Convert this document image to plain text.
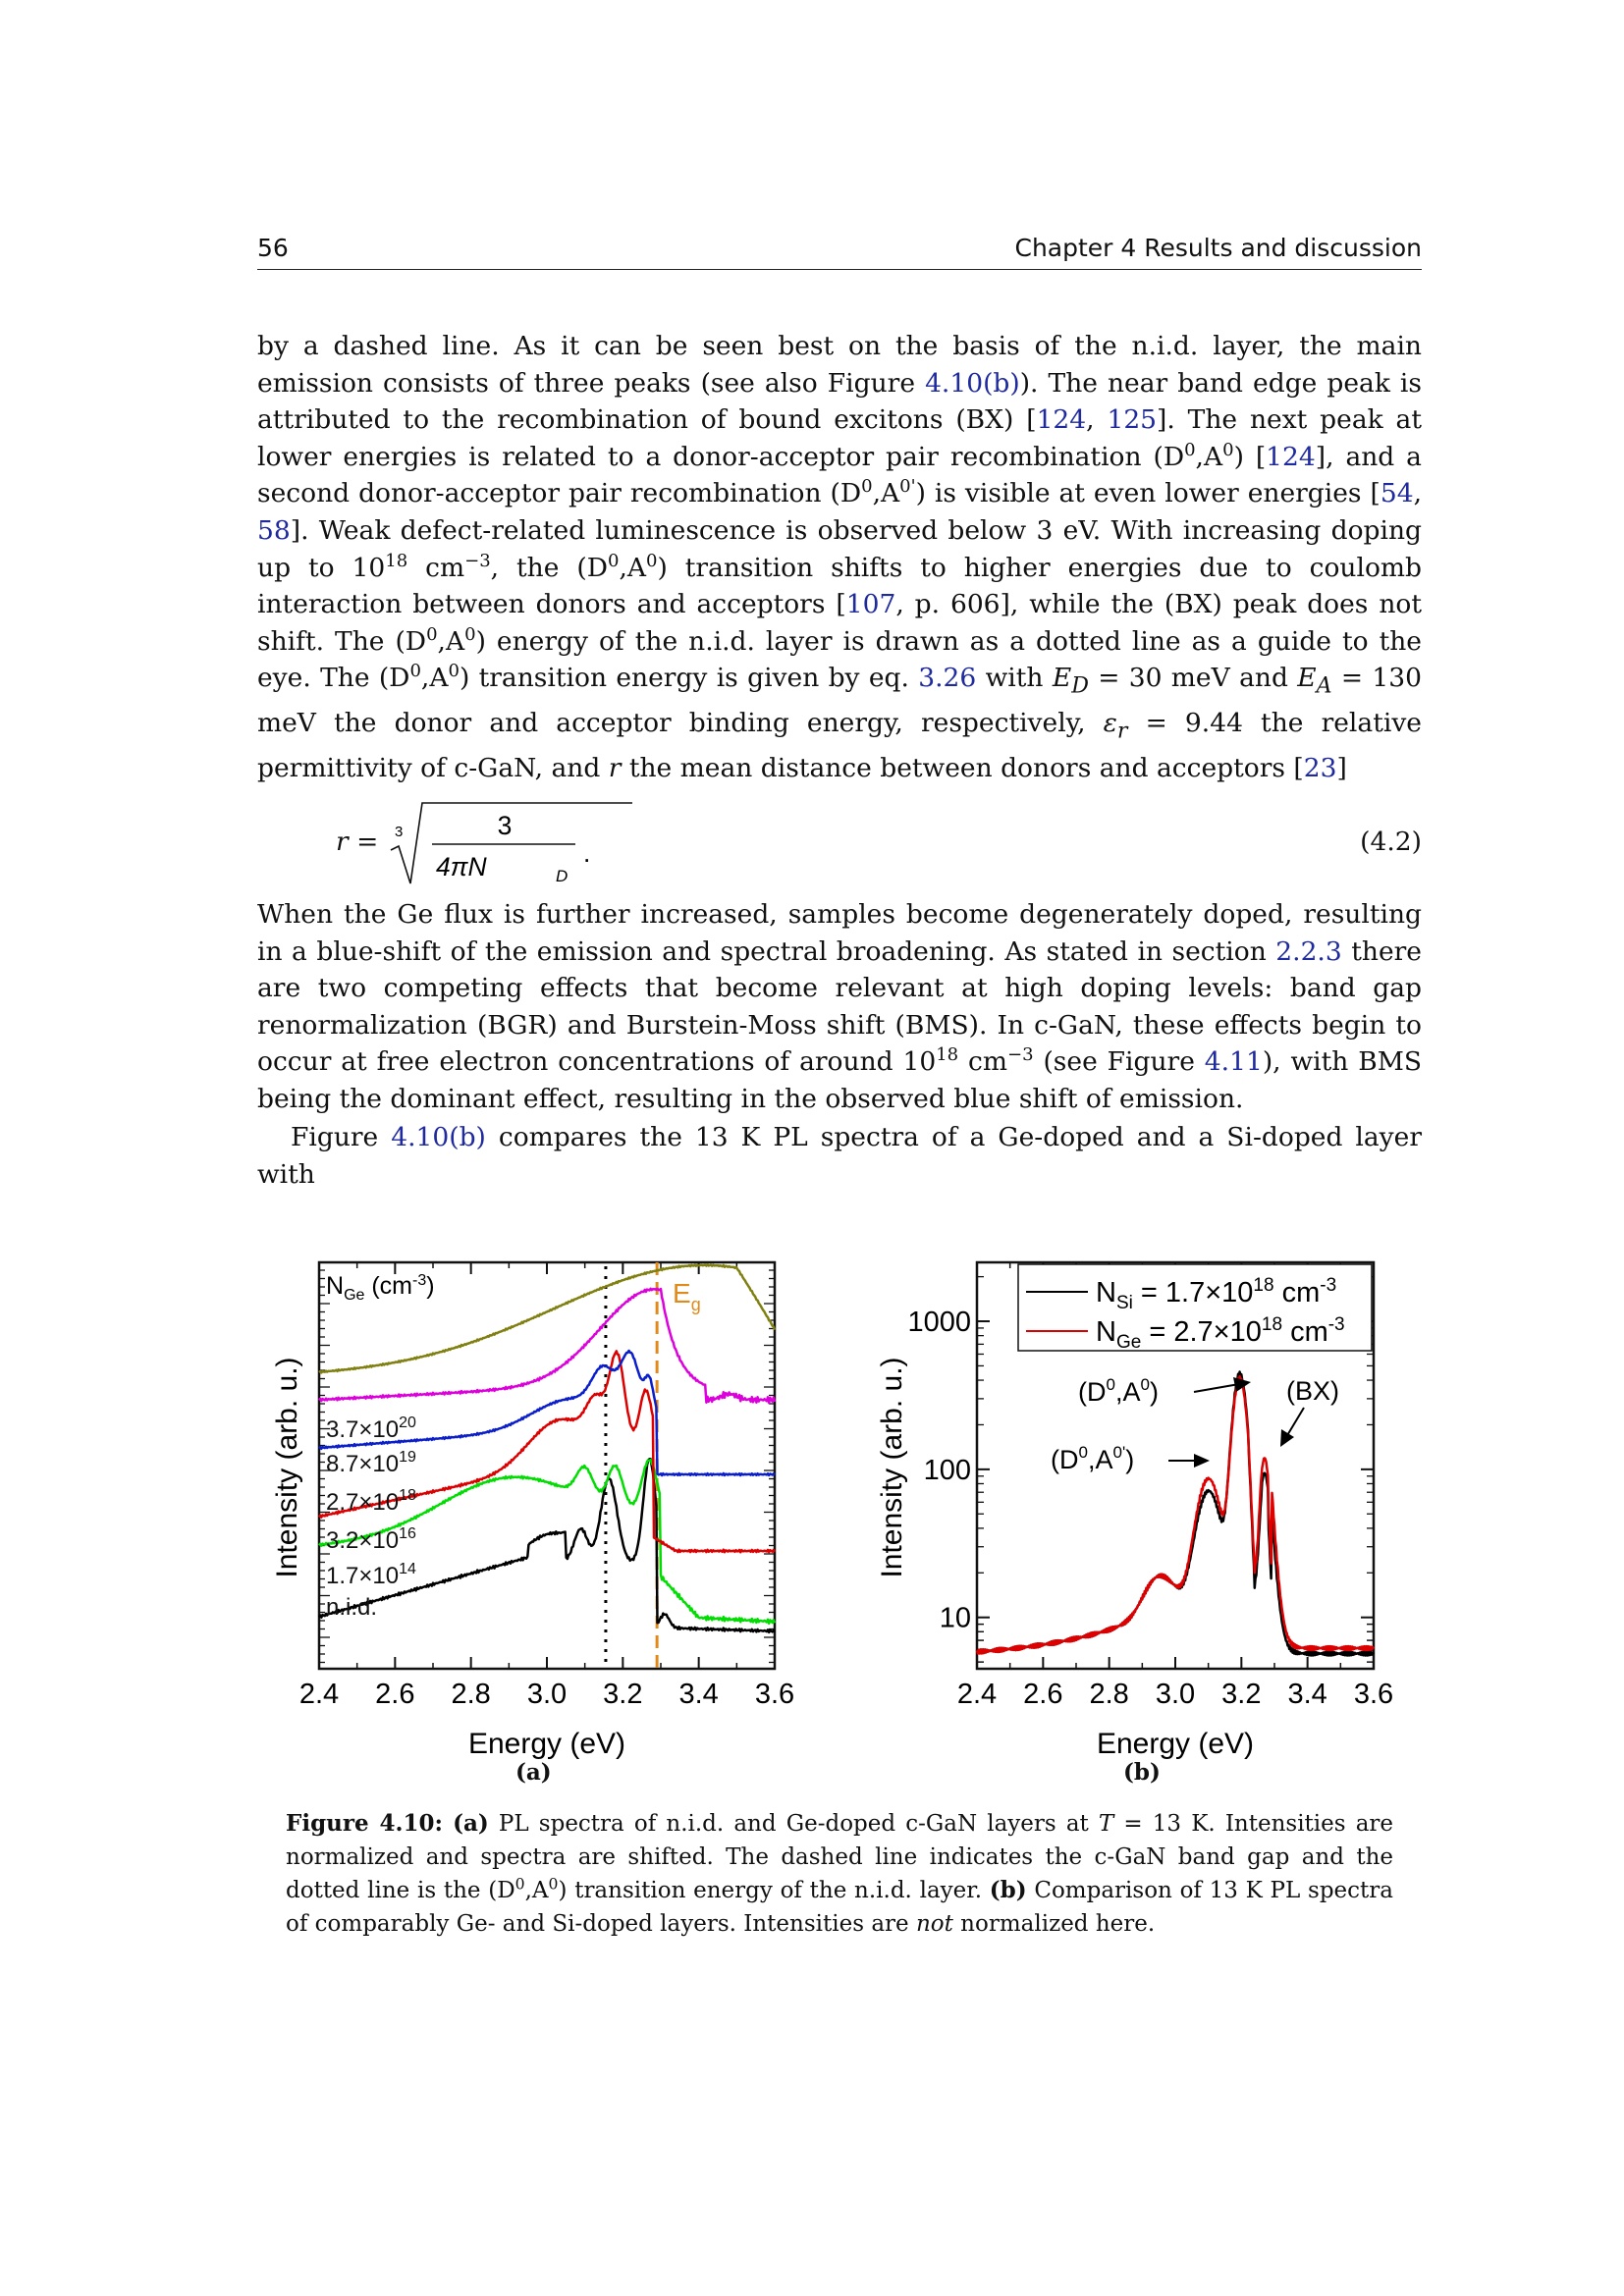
56	Chapter 4 Results and discussion
by a dashed line. As it can be seen best on the basis of the n.i.d. layer, the main emission consists of three peaks (see also Figure 4.10(b)). The near band edge peak is attributed to the recombination of bound excitons (BX) [124, 125]. The next peak at lower energies is related to a donor-acceptor pair recombination $(D^0,A^0)$ [124], and a second donor-acceptor pair recombination $(D^0,A^{0'})$ is visible at even lower energies [54, 58]. Weak defect-related luminescence is observed below 3 eV. With increasing doping up to $10^{18}$ $cm^{-3}$, the $(D^0,A^0)$ transition shifts to higher energies due to coulomb interaction between donors and acceptors [107, p. 606], while the (BX) peak does not shift. The $(D^0,A^0)$ energy of the n.i.d. layer is drawn as a dotted line as a guide to the eye. The $(D^0,A^0)$ transition energy is given by eq. 3.26 with $E_D = 30$ meV and $E_A = 130$ meV the donor and acceptor binding energy, respectively, $\varepsilon_r = 9.44$ the relative permittivity of c-GaN, and r the mean distance between donors and acceptors [23]
r = 3	3
4πN	D
.	(4.2)
When the Ge flux is further increased, samples become degenerately doped, resulting in a blue-shift of the emission and spectral broadening. As stated in section 2.2.3 there are two competing effects that become relevant at high doping levels: band gap renormalization (BGR) and Burstein-Moss shift (BMS). In c-GaN, these effects begin to occur at free electron concentrations of around $10^{18}$ $cm^{-3}$ (see Figure 4.11), with BMS being the dominant effect, resulting in the observed blue shift of emission.
Figure 4.10(b) compares the 13 K PL spectra of a Ge-doped and a Si-doped layer with
2.4 2.6 2.8 3.0 3.2 3.4 3.6
Energy (eV)
Intensity (arb. u.)
$N_{Ge}$ $(cm^{-3})$
n.i.d.
$1.7\times 10^{14}$
$3.2\times 10^{16}$
$2.7\times 10^{18}$
$8.7\times 10^{19}$
$3.7\times 10^{20}$
$E_g$
2.4 2.6 2.8 3.0 3.2 3.4 3.6
10
100
1000
Energy (eV)
Intensity (arb. u.)
$N_{Si} = 1.7\times 10^{18}$ $cm^{-3}$
$N_{Ge} = 2.7\times 10^{18}$ $cm^{-3}$
$(D^0,A^0)$
$(D^0,A^{0'})$
(BX)
(a)	(b)
Figure 4.10: (a) PL spectra of n.i.d. and Ge-doped c-GaN layers at T = 13 K. Intensities are normalized and spectra are shifted. The dashed line indicates the c-GaN band gap and the dotted line is the $(D^0,A^0)$ transition energy of the n.i.d. layer. (b) Comparison of 13 K PL spectra of comparably Ge- and Si-doped layers. Intensities are not normalized here.
